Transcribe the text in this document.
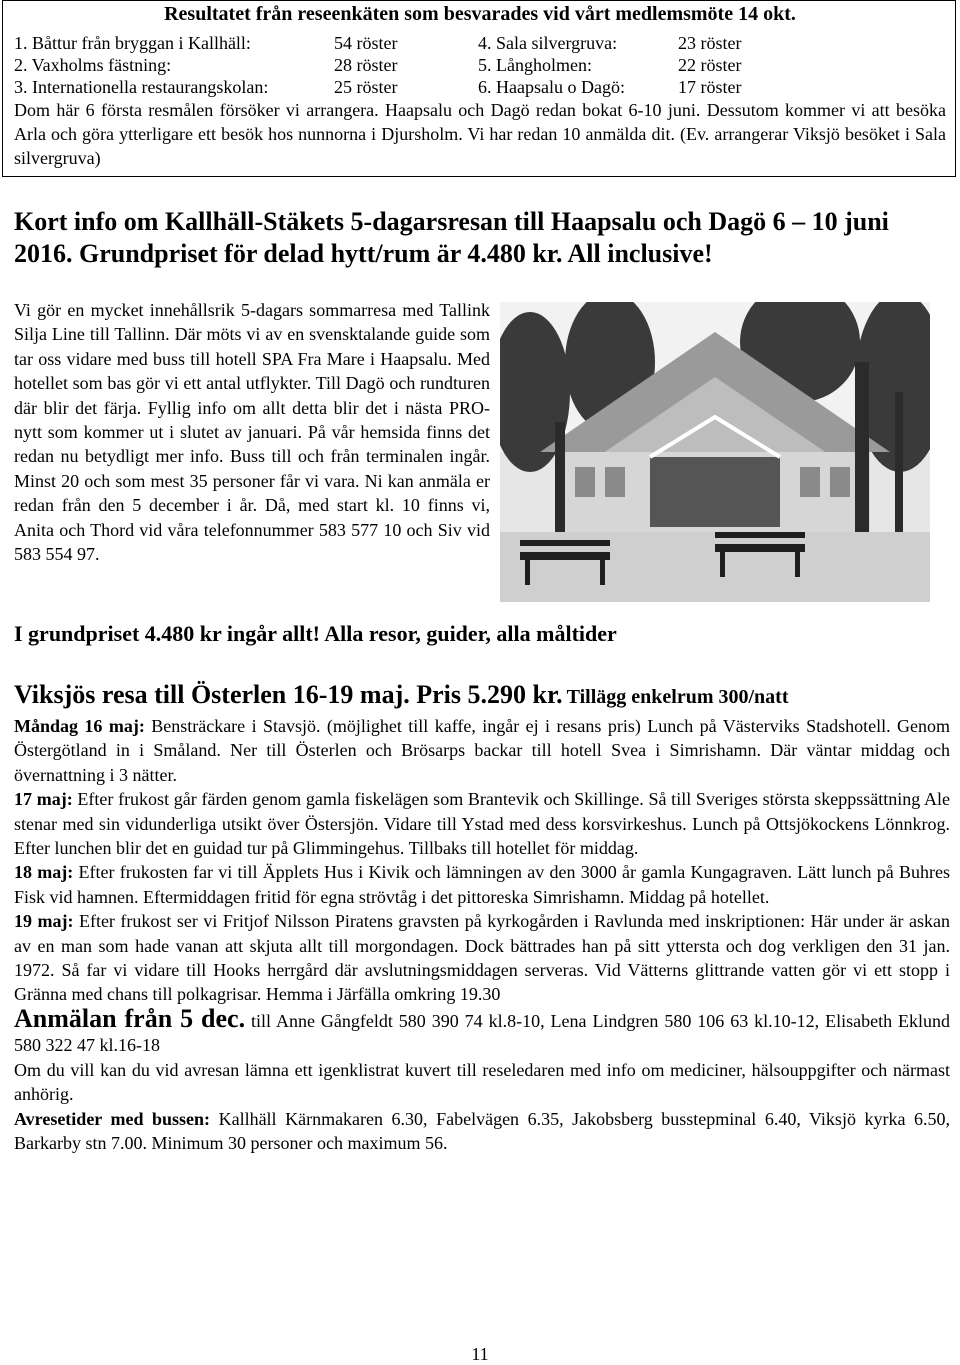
Resultatet från reseenkäten som besvarades vid vårt medlemsmöte 14 okt.
1. Båttur från bryggan i Kallhäll:	54 röster	4. Sala silvergruva:	23 röster
2. Vaxholms fästning:	28 röster	5. Långholmen:	22 röster
3. Internationella restaurangskolan:	25 röster	6. Haapsalu o Dagö:	17 röster
Dom här 6 första resmålen försöker vi arrangera. Haapsalu och Dagö redan bokat 6-10 juni. Dessutom kommer vi att besöka Arla och göra ytterligare ett besök hos nunnorna i Djursholm. Vi har redan 10 anmälda dit. (Ev. arrangerar Viksjö besöket i Sala silvergruva)
Kort info om Kallhäll-Stäkets 5-dagarsresan till Haapsalu och Dagö 6 – 10 juni 2016. Grundpriset för delad hytt/rum är 4.480 kr. All inclusive!
Vi gör en mycket innehållsrik 5-dagars sommarresa med Tallink Silja Line till Tallinn. Där möts vi av en svensktalande guide som tar oss vidare med buss till hotell SPA Fra Mare i Haapsalu. Med hotellet som bas gör vi ett antal utflykter. Till Dagö och rundturen där blir det färja. Fyllig info om allt detta blir det i nästa PRO-nytt som kommer ut i slutet av januari. På vår hemsida finns det redan nu betydligt mer info. Buss till och från terminalen ingår. Minst 20 och som mest 35 personer får vi vara. Ni kan anmäla er redan från den 5 december i år. Då, med start kl. 10 finns vi, Anita och Thord vid våra telefonnummer 583 577 10 och Siv vid 583 554 97.
I grundpriset 4.480 kr ingår allt! Alla resor, guider, alla måltider
Viksjös resa till Österlen 16-19 maj. Pris 5.290 kr. Tillägg enkelrum 300/natt

Måndag 16 maj: Bensträckare i Stavsjö. (möjlighet till kaffe, ingår ej i resans pris) Lunch på Västerviks Stadshotell. Genom Östergötland in i Småland. Ner till Österlen och Brösarps backar till hotell Svea i Simrishamn. Där väntar middag och övernattning i 3 nätter.

17 maj: Efter frukost går färden genom gamla fiskelägen som Brantevik och Skillinge. Så till Sveriges största skeppssättning Ale stenar med sin vidunderliga utsikt över Östersjön. Vidare till Ystad med dess korsvirkeshus. Lunch på Ottsjökockens Lönnkrog. Efter lunchen blir det en guidad tur på Glimmingehus. Tillbaks till hotellet för middag.

18 maj: Efter frukosten far vi till Äpplets Hus i Kivik och lämningen av den 3000 år gamla Kungagraven. Lätt lunch på Buhres Fisk vid hamnen. Eftermiddagen fritid för egna strövtåg i det pittoreska Simrishamn. Middag på hotellet.

19 maj: Efter frukost ser vi Fritjof Nilsson Piratens gravsten på kyrkogården i Ravlunda med inskriptionen: Här under är askan av en man som hade vanan att skjuta allt till morgondagen. Dock bättrades han på sitt yttersta och dog verkligen den 31 jan. 1972. Så far vi vidare till Hooks herrgård där avslutningsmiddagen serveras. Vid Vätterns glittrande vatten gör vi ett stopp i Gränna med chans till polkagrisar. Hemma i Järfälla omkring 19.30

Anmälan från 5 dec. till Anne Gångfeldt 580 390 74 kl.8-10, Lena Lindgren 580 106 63 kl.10-12, Elisabeth Eklund 580 322 47 kl.16-18

Om du vill kan du vid avresan lämna ett igenklistrat kuvert till reseledaren med info om mediciner, hälsouppgifter och närmast anhörig.

Avresetider med bussen: Kallhäll Kärnmakaren 6.30, Fabelvägen 6.35, Jakobsberg busstерminal 6.40, Viksjö kyrka 6.50, Barkarby stn 7.00. Minimum 30 personer och maximum 56.

11
